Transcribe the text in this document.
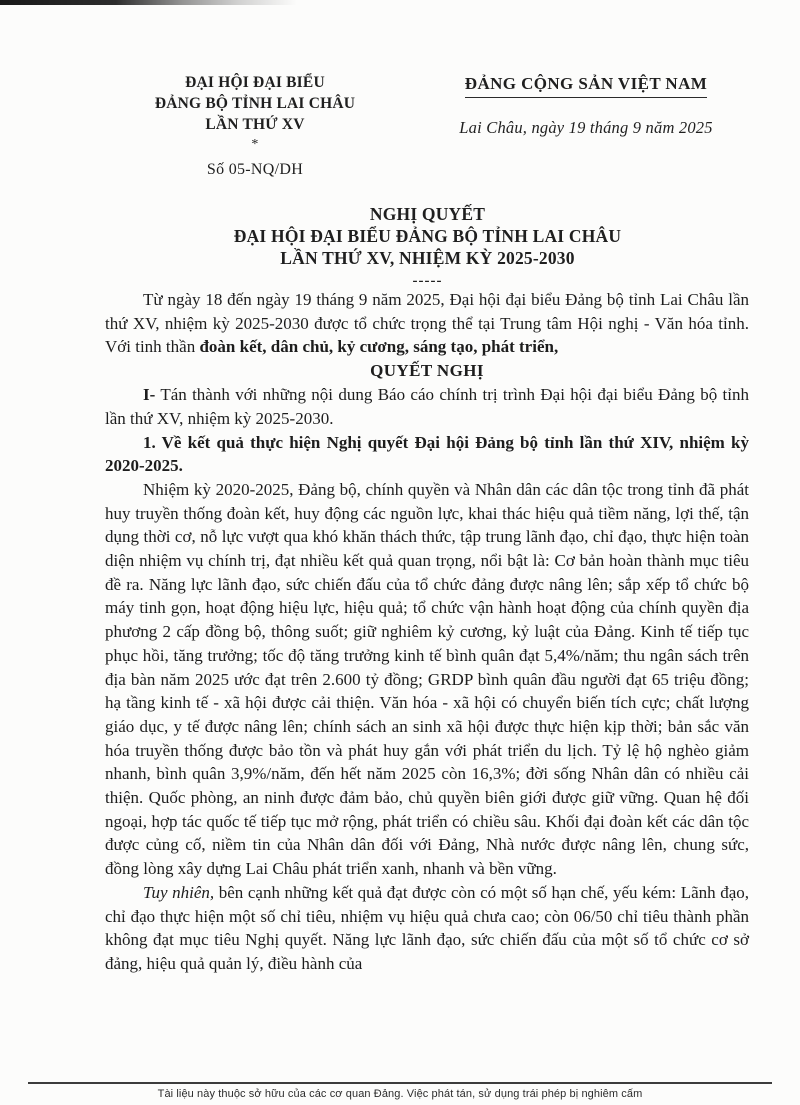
ĐẠI HỘI ĐẠI BIỂU
ĐẢNG BỘ TỈNH LAI CHÂU
LẦN THỨ XV
*
Số 05-NQ/DH
ĐẢNG CỘNG SẢN VIỆT NAM
Lai Châu, ngày 19 tháng 9 năm 2025
NGHỊ QUYẾT
ĐẠI HỘI ĐẠI BIỂU ĐẢNG BỘ TỈNH LAI CHÂU
LẦN THỨ XV, NHIỆM KỲ 2025-2030
-----

Từ ngày 18 đến ngày 19 tháng 9 năm 2025, Đại hội đại biểu Đảng bộ tỉnh Lai Châu lần thứ XV, nhiệm kỳ 2025-2030 được tổ chức trọng thể tại Trung tâm Hội nghị - Văn hóa tỉnh. Với tinh thần đoàn kết, dân chủ, kỷ cương, sáng tạo, phát triển,

QUYẾT NGHỊ

I- Tán thành với những nội dung Báo cáo chính trị trình Đại hội đại biểu Đảng bộ tỉnh lần thứ XV, nhiệm kỳ 2025-2030.

1. Về kết quả thực hiện Nghị quyết Đại hội Đảng bộ tỉnh lần thứ XIV, nhiệm kỳ 2020-2025.

Nhiệm kỳ 2020-2025, Đảng bộ, chính quyền và Nhân dân các dân tộc trong tỉnh đã phát huy truyền thống đoàn kết, huy động các nguồn lực, khai thác hiệu quả tiềm năng, lợi thế, tận dụng thời cơ, nỗ lực vượt qua khó khăn thách thức, tập trung lãnh đạo, chỉ đạo, thực hiện toàn diện nhiệm vụ chính trị, đạt nhiều kết quả quan trọng, nổi bật là: Cơ bản hoàn thành mục tiêu đề ra. Năng lực lãnh đạo, sức chiến đấu của tổ chức đảng được nâng lên; sắp xếp tổ chức bộ máy tinh gọn, hoạt động hiệu lực, hiệu quả; tổ chức vận hành hoạt động của chính quyền địa phương 2 cấp đồng bộ, thông suốt; giữ nghiêm kỷ cương, kỷ luật của Đảng. Kinh tế tiếp tục phục hồi, tăng trưởng; tốc độ tăng trưởng kinh tế bình quân đạt 5,4%/năm; thu ngân sách trên địa bàn năm 2025 ước đạt trên 2.600 tỷ đồng; GRDP bình quân đầu người đạt 65 triệu đồng; hạ tầng kinh tế - xã hội được cải thiện. Văn hóa - xã hội có chuyển biến tích cực; chất lượng giáo dục, y tế được nâng lên; chính sách an sinh xã hội được thực hiện kịp thời; bản sắc văn hóa truyền thống được bảo tồn và phát huy gắn với phát triển du lịch. Tỷ lệ hộ nghèo giảm nhanh, bình quân 3,9%/năm, đến hết năm 2025 còn 16,3%; đời sống Nhân dân có nhiều cải thiện. Quốc phòng, an ninh được đảm bảo, chủ quyền biên giới được giữ vững. Quan hệ đối ngoại, hợp tác quốc tế tiếp tục mở rộng, phát triển có chiều sâu. Khối đại đoàn kết các dân tộc được củng cố, niềm tin của Nhân dân đối với Đảng, Nhà nước được nâng lên, chung sức, đồng lòng xây dựng Lai Châu phát triển xanh, nhanh và bền vững.

Tuy nhiên, bên cạnh những kết quả đạt được còn có một số hạn chế, yếu kém: Lãnh đạo, chỉ đạo thực hiện một số chỉ tiêu, nhiệm vụ hiệu quả chưa cao; còn 06/50 chỉ tiêu thành phần không đạt mục tiêu Nghị quyết. Năng lực lãnh đạo, sức chiến đấu của một số tổ chức cơ sở đảng, hiệu quả quản lý, điều hành của

Tài liệu này thuộc sở hữu của các cơ quan Đảng. Việc phát tán, sử dụng trái phép bị nghiêm cấm
